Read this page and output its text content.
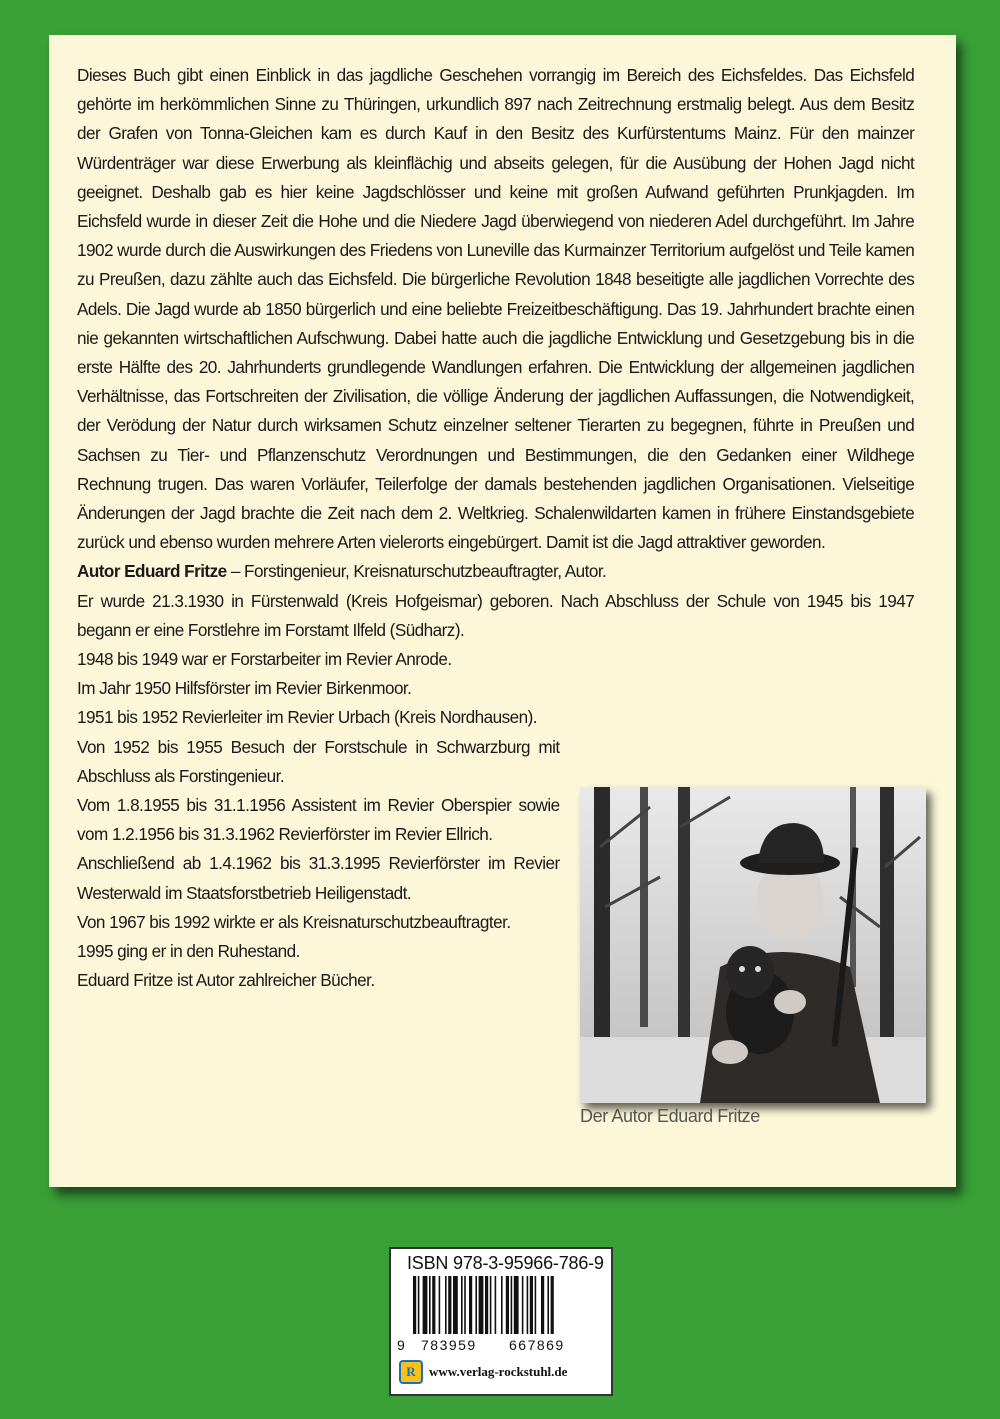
Dieses Buch gibt einen Einblick in das jagdliche Geschehen vorrangig im Bereich des Eichsfeldes. Das Eichsfeld gehörte im herkömmlichen Sinne zu Thüringen, urkundlich 897 nach Zeitrechnung erstmalig belegt. Aus dem Besitz der Grafen von Tonna-Gleichen kam es durch Kauf in den Besitz des Kurfürstentums Mainz. Für den mainzer Würdenträger war diese Erwerbung als kleinflächig und abseits gelegen, für die Ausübung der Hohen Jagd nicht geeignet. Deshalb gab es hier keine Jagdschlösser und keine mit großen Aufwand geführten Prunkjagden. Im Eichsfeld wurde in dieser Zeit die Hohe und die Niedere Jagd überwiegend von niederen Adel durchgeführt. Im Jahre 1902 wurde durch die Auswirkungen des Friedens von Luneville das Kurmainzer Territorium aufgelöst und Teile kamen zu Preußen, dazu zählte auch das Eichsfeld. Die bürgerliche Revolution 1848 beseitigte alle jagdlichen Vorrechte des Adels. Die Jagd wurde ab 1850 bürgerlich und eine beliebte Freizeitbeschäftigung. Das 19. Jahrhundert brachte einen nie gekannten wirtschaftlichen Aufschwung. Dabei hatte auch die jagdliche Entwicklung und Gesetzgebung bis in die erste Hälfte des 20. Jahrhunderts grundlegende Wandlungen erfahren. Die Entwicklung der allgemeinen jagdlichen Verhältnisse, das Fortschreiten der Zivilisation, die völlige Änderung der jagdlichen Auffassungen, die Notwendigkeit, der Verödung der Natur durch wirksamen Schutz einzelner seltener Tierarten zu begegnen, führte in Preußen und Sachsen zu Tier- und Pflanzenschutz Verordnungen und Bestimmungen, die den Gedanken einer Wildhege Rechnung trugen. Das waren Vorläufer, Teilerfolge der damals bestehenden jagdlichen Organisationen. Vielseitige Änderungen der Jagd brachte die Zeit nach dem 2. Weltkrieg. Schalenwildarten kamen in frühere Einstandsgebiete zurück und ebenso wurden mehrere Arten vielerorts eingebürgert. Damit ist die Jagd attraktiver geworden.

Autor Eduard Fritze – Forstingenieur, Kreisnaturschutzbeauftragter, Autor.

Er wurde 21.3.1930 in Fürstenwald (Kreis Hofgeismar) geboren. Nach Abschluss der Schule von 1945 bis 1947 begann er eine Forstlehre im Forstamt Ilfeld (Südharz).

1948 bis 1949 war er Forstarbeiter im Revier Anrode.

Im Jahr 1950 Hilfsförster im Revier Birkenmoor.

1951 bis 1952 Revierleiter im Revier Urbach (Kreis Nordhausen).

Von 1952 bis 1955 Besuch der Forstschule in Schwarzburg mit Abschluss als Forstingenieur.

Vom 1.8.1955 bis 31.1.1956 Assistent im Revier Oberspier sowie vom 1.2.1956 bis 31.3.1962 Revierförster im Revier Ellrich.

Anschließend ab 1.4.1962 bis 31.3.1995 Revierförster im Revier Westerwald im Staatsforstbetrieb Heiligenstadt.

Von 1967 bis 1992 wirkte er als Kreisnaturschutzbeauftragter.

1995 ging er in den Ruhestand.

Eduard Fritze ist Autor zahlreicher Bücher.

Der Autor Eduard Fritze
ISBN 978-3-95966-786-9
9 783959 667869
R	www.verlag-rockstuhl.de
